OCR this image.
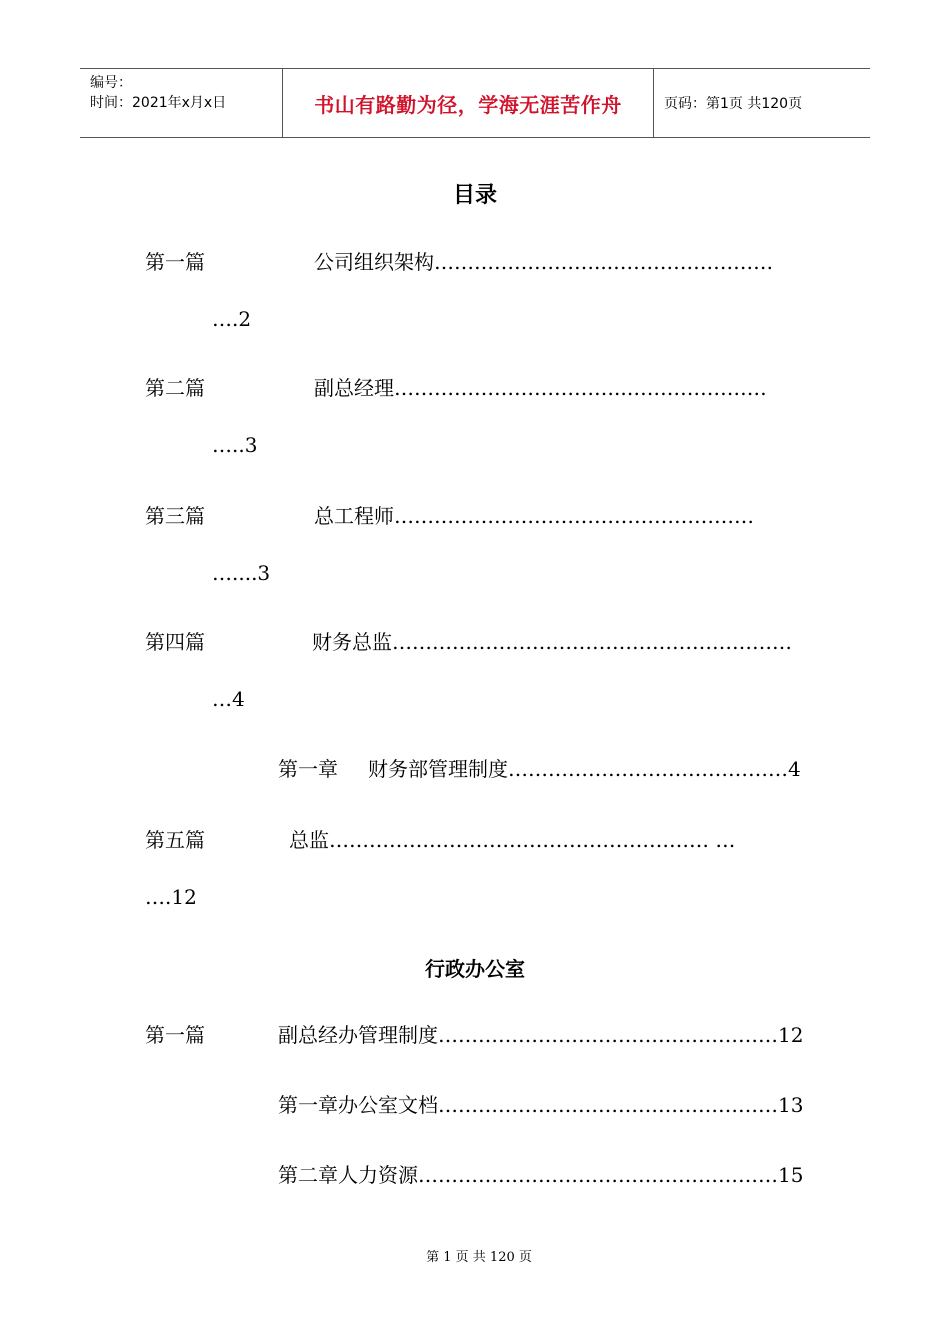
编号：
时间：2021年x月x日	书山有路勤为径，学海无涯苦作舟	页码：第1页 共120页
目录
第一篇	公司组织架构……………………...……………………
….2
第二篇	副总经理……………………………..…………………
…..3
第三篇	总工程师………………………………………………
…....3
第四篇	财务总监……………………………………………………
…4
第一章 财务部管理制度……………………………………4
第五篇	总监………………………………………………… …
….12
行政办公室
第一篇	副总经办管理制度……………………………………………12
第一章办公室文档……………………………………………13
第二章人力资源………………………………………………15
第 1 页 共 120 页
